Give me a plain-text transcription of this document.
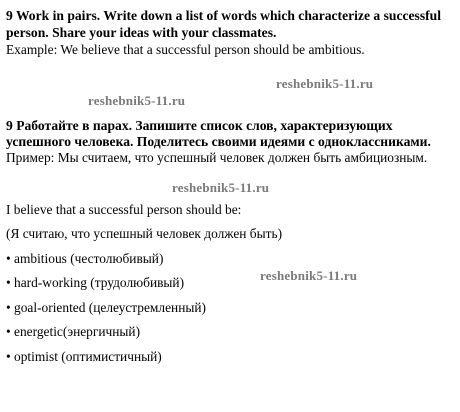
9 Work in pairs. Write down a list of words which characterize a successful
person. Share your ideas with your classmates.
Example: We believe that a successful person should be ambitious.
reshebnik5-11.ru
reshebnik5-11.ru
9 Работайте в парах. Запишите список слов, характеризующих
успешного человека. Поделитесь своими идеями с одноклассниками.
Пример: Мы считаем, что успешный человек должен быть амбициозным.
reshebnik5-11.ru
I believe that a successful person should be:
(Я считаю, что успешный человек должен быть)
• ambitious (честолюбивый)
• hard-working (трудолюбивый)
• goal-oriented (целеустремленный)
• energetic(энергичный)
• optimist (оптимистичный)
reshebnik5-11.ru
